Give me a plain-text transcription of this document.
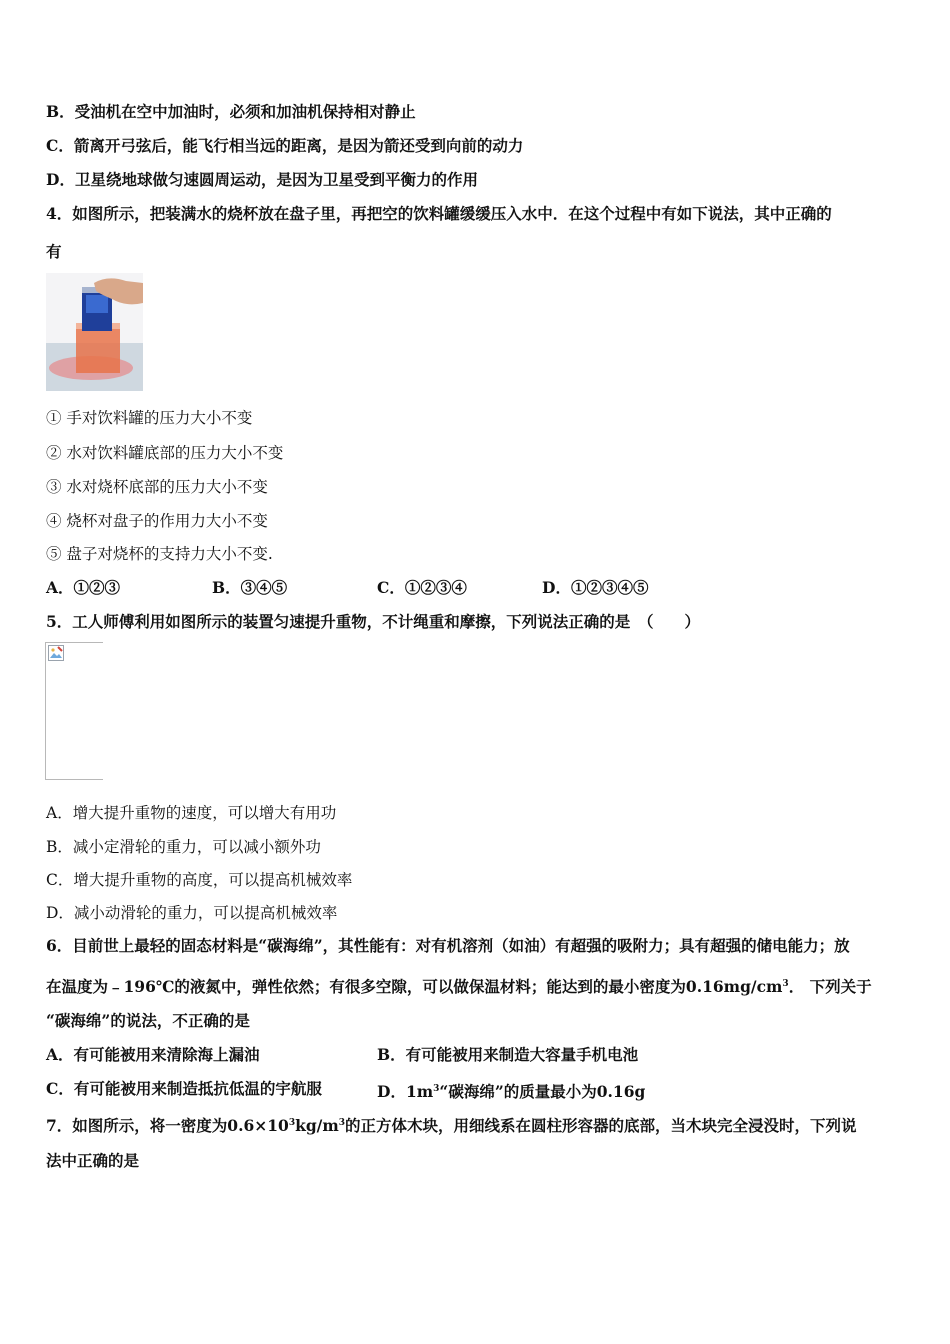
B．受油机在空中加油时，必须和加油机保持相对静止
C．箭离开弓弦后，能飞行相当远的距离，是因为箭还受到向前的动力
D．卫星绕地球做匀速圆周运动，是因为卫星受到平衡力的作用
4．如图所示，把装满水的烧杯放在盘子里，再把空的饮料罐缓缓压入水中．在这个过程中有如下说法，其中正确的
有
① 手对饮料罐的压力大小不变
② 水对饮料罐底部的压力大小不变
③ 水对烧杯底部的压力大小不变
④ 烧杯对盘子的作用力大小不变
⑤ 盘子对烧杯的支持力大小不变.
A．①②③	B．③④⑤	C．①②③④	D．①②③④⑤
5．工人师傅利用如图所示的装置匀速提升重物，不计绳重和摩擦，下列说法正确的是　（　　）
A．增大提升重物的速度，可以增大有用功
B．减小定滑轮的重力，可以减小额外功
C．增大提升重物的高度，可以提高机械效率
D．减小动滑轮的重力，可以提高机械效率
6．目前世上最轻的固态材料是“碳海绵”，其性能有：对有机溶剂（如油）有超强的吸附力；具有超强的储电能力；放
在温度为﹣196℃的液氮中，弹性依然；有很多空隙，可以做保温材料；能达到的最小密度为$0.16mg/cm^3$． 下列关于
“碳海绵”的说法，不正确的是
A．有可能被用来清除海上漏油	B．有可能被用来制造大容量手机电池
C．有可能被用来制造抵抗低温的宇航服	D．$1m^3“$碳海绵”的质量最小为0.16g
7．如图所示，将一密度为$0.6\times 10^3kg/m^3$的正方体木块，用细线系在圆柱形容器的底部，当木块完全浸没时，下列说
法中正确的是
